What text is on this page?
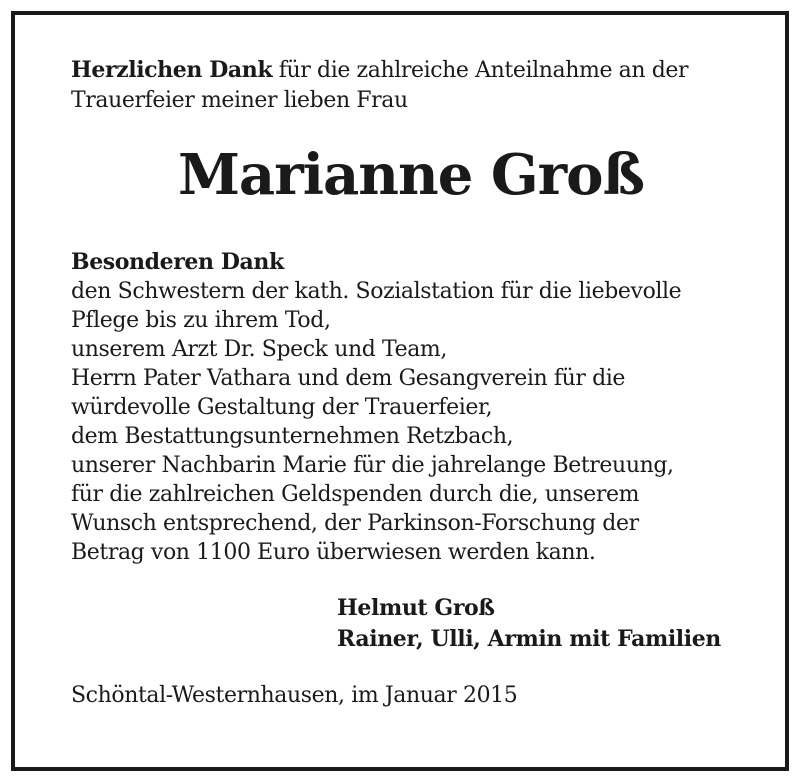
Herzlichen Dank für die zahlreiche Anteilnahme an der
Trauerfeier meiner lieben Frau

Marianne Groß
Besonderen Dank
den Schwestern der kath. Sozialstation für die liebevolle
Pflege bis zu ihrem Tod,
unserem Arzt Dr. Speck und Team,
Herrn Pater Vathara und dem Gesangverein für die
würdevolle Gestaltung der Trauerfeier,
dem Bestattungsunternehmen Retzbach,
unserer Nachbarin Marie für die jahrelange Betreuung,
für die zahlreichen Geldspenden durch die, unserem
Wunsch entsprechend, der Parkinson-Forschung der
Betrag von 1100 Euro überwiesen werden kann.
Helmut Groß
Rainer, Ulli, Armin mit Familien

Schöntal-Westernhausen, im Januar 2015
